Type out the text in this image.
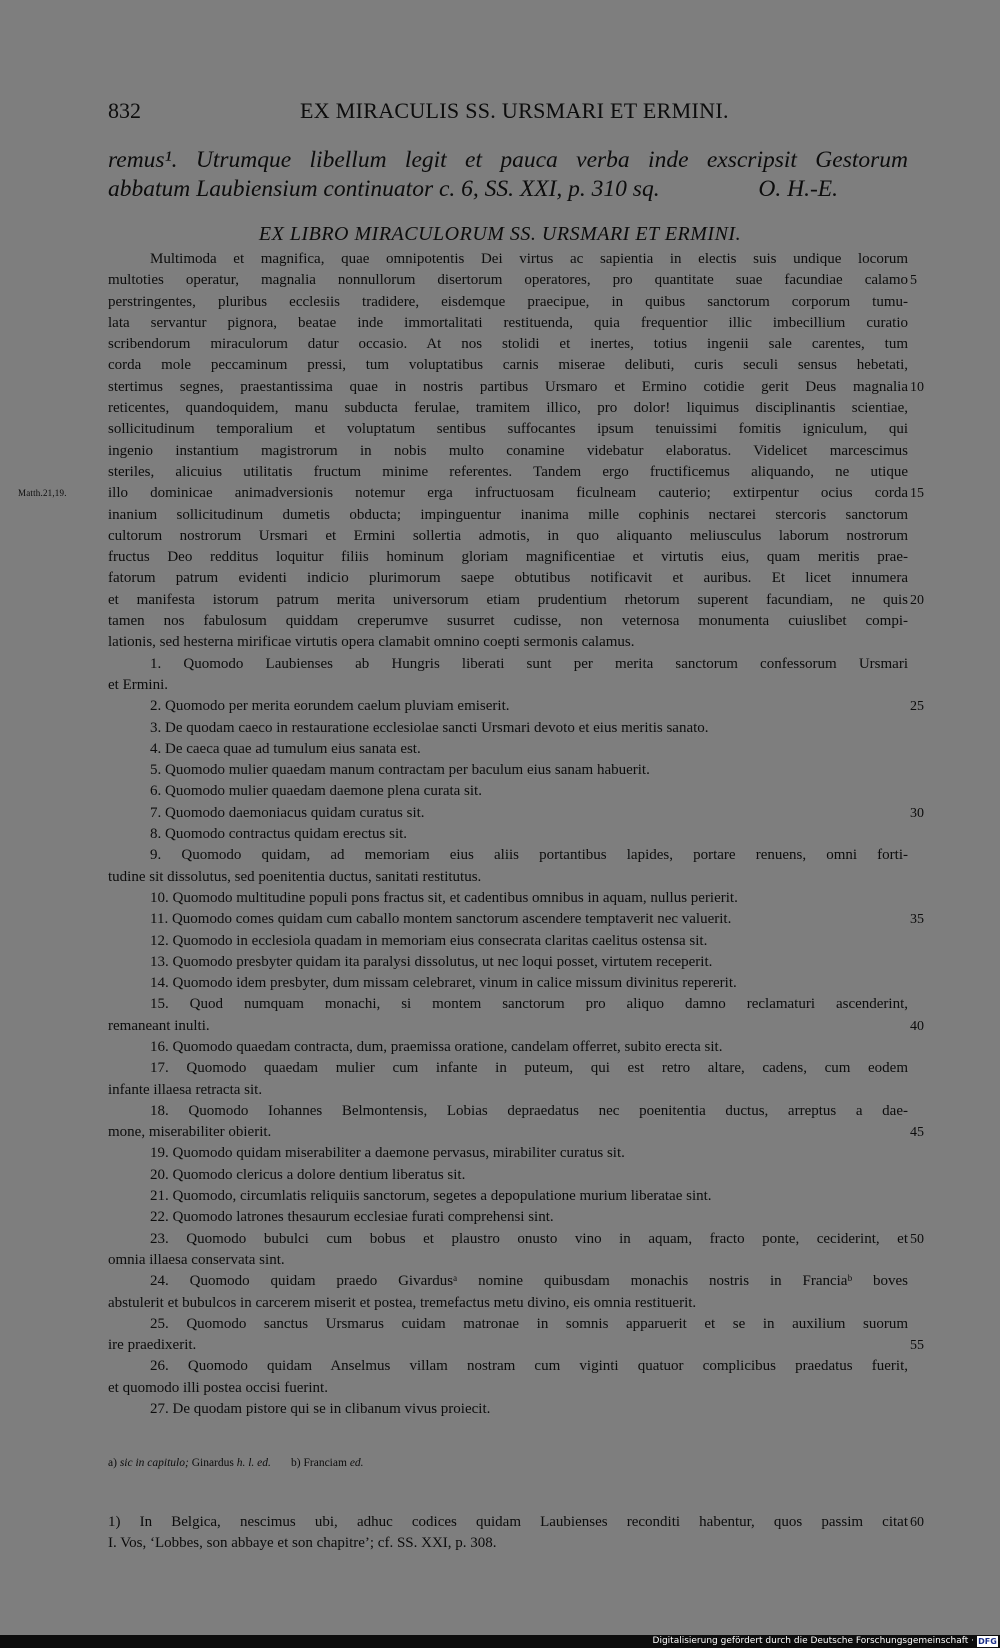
832	EX MIRACULIS SS. URSMARI ET ERMINI.
remus¹. Utrumque libellum legit et pauca verba inde exscripsit Gestorum
abbatum Laubiensium continuator c. 6, SS. XXI, p. 310 sq.	O. H.-E.
EX LIBRO MIRACULORUM SS. URSMARI ET ERMINI.
Multimoda et magnifica, quae omnipotentis Dei virtus ac sapientia in electis suis undique locorum
multoties operatur, magnalia nonnullorum disertorum operatores, pro quantitate suae facundiae calamo 5
perstringentes, pluribus ecclesiis tradidere, eisdemque praecipue, in quibus sanctorum corporum tumu-
lata servantur pignora, beatae inde immortalitati restituenda, quia frequentior illic imbecillium curatio
scribendorum miraculorum datur occasio. At nos stolidi et inertes, totius ingenii sale carentes, tum
corda mole peccaminum pressi, tum voluptatibus carnis miserae delibuti, curis seculi sensus hebetati,
stertimus segnes, praestantissima quae in nostris partibus Ursmaro et Ermino cotidie gerit Deus magnalia 10
reticentes, quandoquidem, manu subducta ferulae, tramitem illico, pro dolor! liquimus disciplinantis scientiae,
sollicitudinum temporalium et voluptatum sentibus suffocantes ipsum tenuissimi fomitis igniculum, qui
ingenio instantium magistrorum in nobis multo conamine videbatur elaboratus. Videlicet marcescimus
steriles, alicuius utilitatis fructum minime referentes. Tandem ergo fructificemus aliquando, ne utique
illo dominicae animadversionis notemur erga infructuosam ficulneam cauterio; extirpentur ocius corda 15
Matth.21,19.
inanium sollicitudinum dumetis obducta; impinguentur inanima mille cophinis nectarei stercoris sanctorum
cultorum nostrorum Ursmari et Ermini sollertia admotis, in quo aliquanto meliusculus laborum nostrorum
fructus Deo redditus loquitur filiis hominum gloriam magnificentiae et virtutis eius, quam meritis prae-
fatorum patrum evidenti indicio plurimorum saepe obtutibus notificavit et auribus. Et licet innumera
et manifesta istorum patrum merita universorum etiam prudentium rhetorum superent facundiam, ne quis 20
tamen nos fabulosum quiddam creperumve susurret cudisse, non veternosa monumenta cuiuslibet compi-
lationis, sed hesterna mirificae virtutis opera clamabit omnino coepti sermonis calamus.
1. Quomodo Laubienses ab Hungris liberati sunt per merita sanctorum confessorum Ursmari
et Ermini.
2. Quomodo per merita eorundem caelum pluviam emiserit.	25
3. De quodam caeco in restauratione ecclesiolae sancti Ursmari devoto et eius meritis sanato.
4. De caeca quae ad tumulum eius sanata est.
5. Quomodo mulier quaedam manum contractam per baculum eius sanam habuerit.
6. Quomodo mulier quaedam daemone plena curata sit.
7. Quomodo daemoniacus quidam curatus sit.	30
8. Quomodo contractus quidam erectus sit.
9. Quomodo quidam, ad memoriam eius aliis portantibus lapides, portare renuens, omni forti-
tudine sit dissolutus, sed poenitentia ductus, sanitati restitutus.
10. Quomodo multitudine populi pons fractus sit, et cadentibus omnibus in aquam, nullus perierit.
11. Quomodo comes quidam cum caballo montem sanctorum ascendere temptaverit nec valuerit.	35
12. Quomodo in ecclesiola quadam in memoriam eius consecrata claritas caelitus ostensa sit.
13. Quomodo presbyter quidam ita paralysi dissolutus, ut nec loqui posset, virtutem receperit.
14. Quomodo idem presbyter, dum missam celebraret, vinum in calice missum divinitus repererit.
15. Quod numquam monachi, si montem sanctorum pro aliquo damno reclamaturi ascenderint,
remaneant inulti.	40
16. Quomodo quaedam contracta, dum, praemissa oratione, candelam offerret, subito erecta sit.
17. Quomodo quaedam mulier cum infante in puteum, qui est retro altare, cadens, cum eodem
infante illaesa retracta sit.
18. Quomodo Iohannes Belmontensis, Lobias depraedatus nec poenitentia ductus, arreptus a dae-
mone, miserabiliter obierit.	45
19. Quomodo quidam miserabiliter a daemone pervasus, mirabiliter curatus sit.
20. Quomodo clericus a dolore dentium liberatus sit.
21. Quomodo, circumlatis reliquiis sanctorum, segetes a depopulatione murium liberatae sint.
22. Quomodo latrones thesaurum ecclesiae furati comprehensi sint.
23. Quomodo bubulci cum bobus et plaustro onusto vino in aquam, fracto ponte, ceciderint, et 50
omnia illaesa conservata sint.
24. Quomodo quidam praedo Givardusᵃ nomine quibusdam monachis nostris in Franciaᵇ boves
abstulerit et bubulcos in carcerem miserit et postea, tremefactus metu divino, eis omnia restituerit.
25. Quomodo sanctus Ursmarus cuidam matronae in somnis apparuerit et se in auxilium suorum
ire praedixerit.	55
26. Quomodo quidam Anselmus villam nostram cum viginti quatuor complicibus praedatus fuerit,
et quomodo illi postea occisi fuerint.
27. De quodam pistore qui se in clibanum vivus proiecit.
a) sic in capitulo; Ginardus h. l. ed. b) Franciam ed.
1) In Belgica, nescimus ubi, adhuc codices quidam Laubienses reconditi habentur, quos passim citat 60
I. Vos, ‘Lobbes, son abbaye et son chapitre’; cf. SS. XXI, p. 308.
Digitalisierung gefördert durch die Deutsche Forschungsgemeinschaft · DFG
